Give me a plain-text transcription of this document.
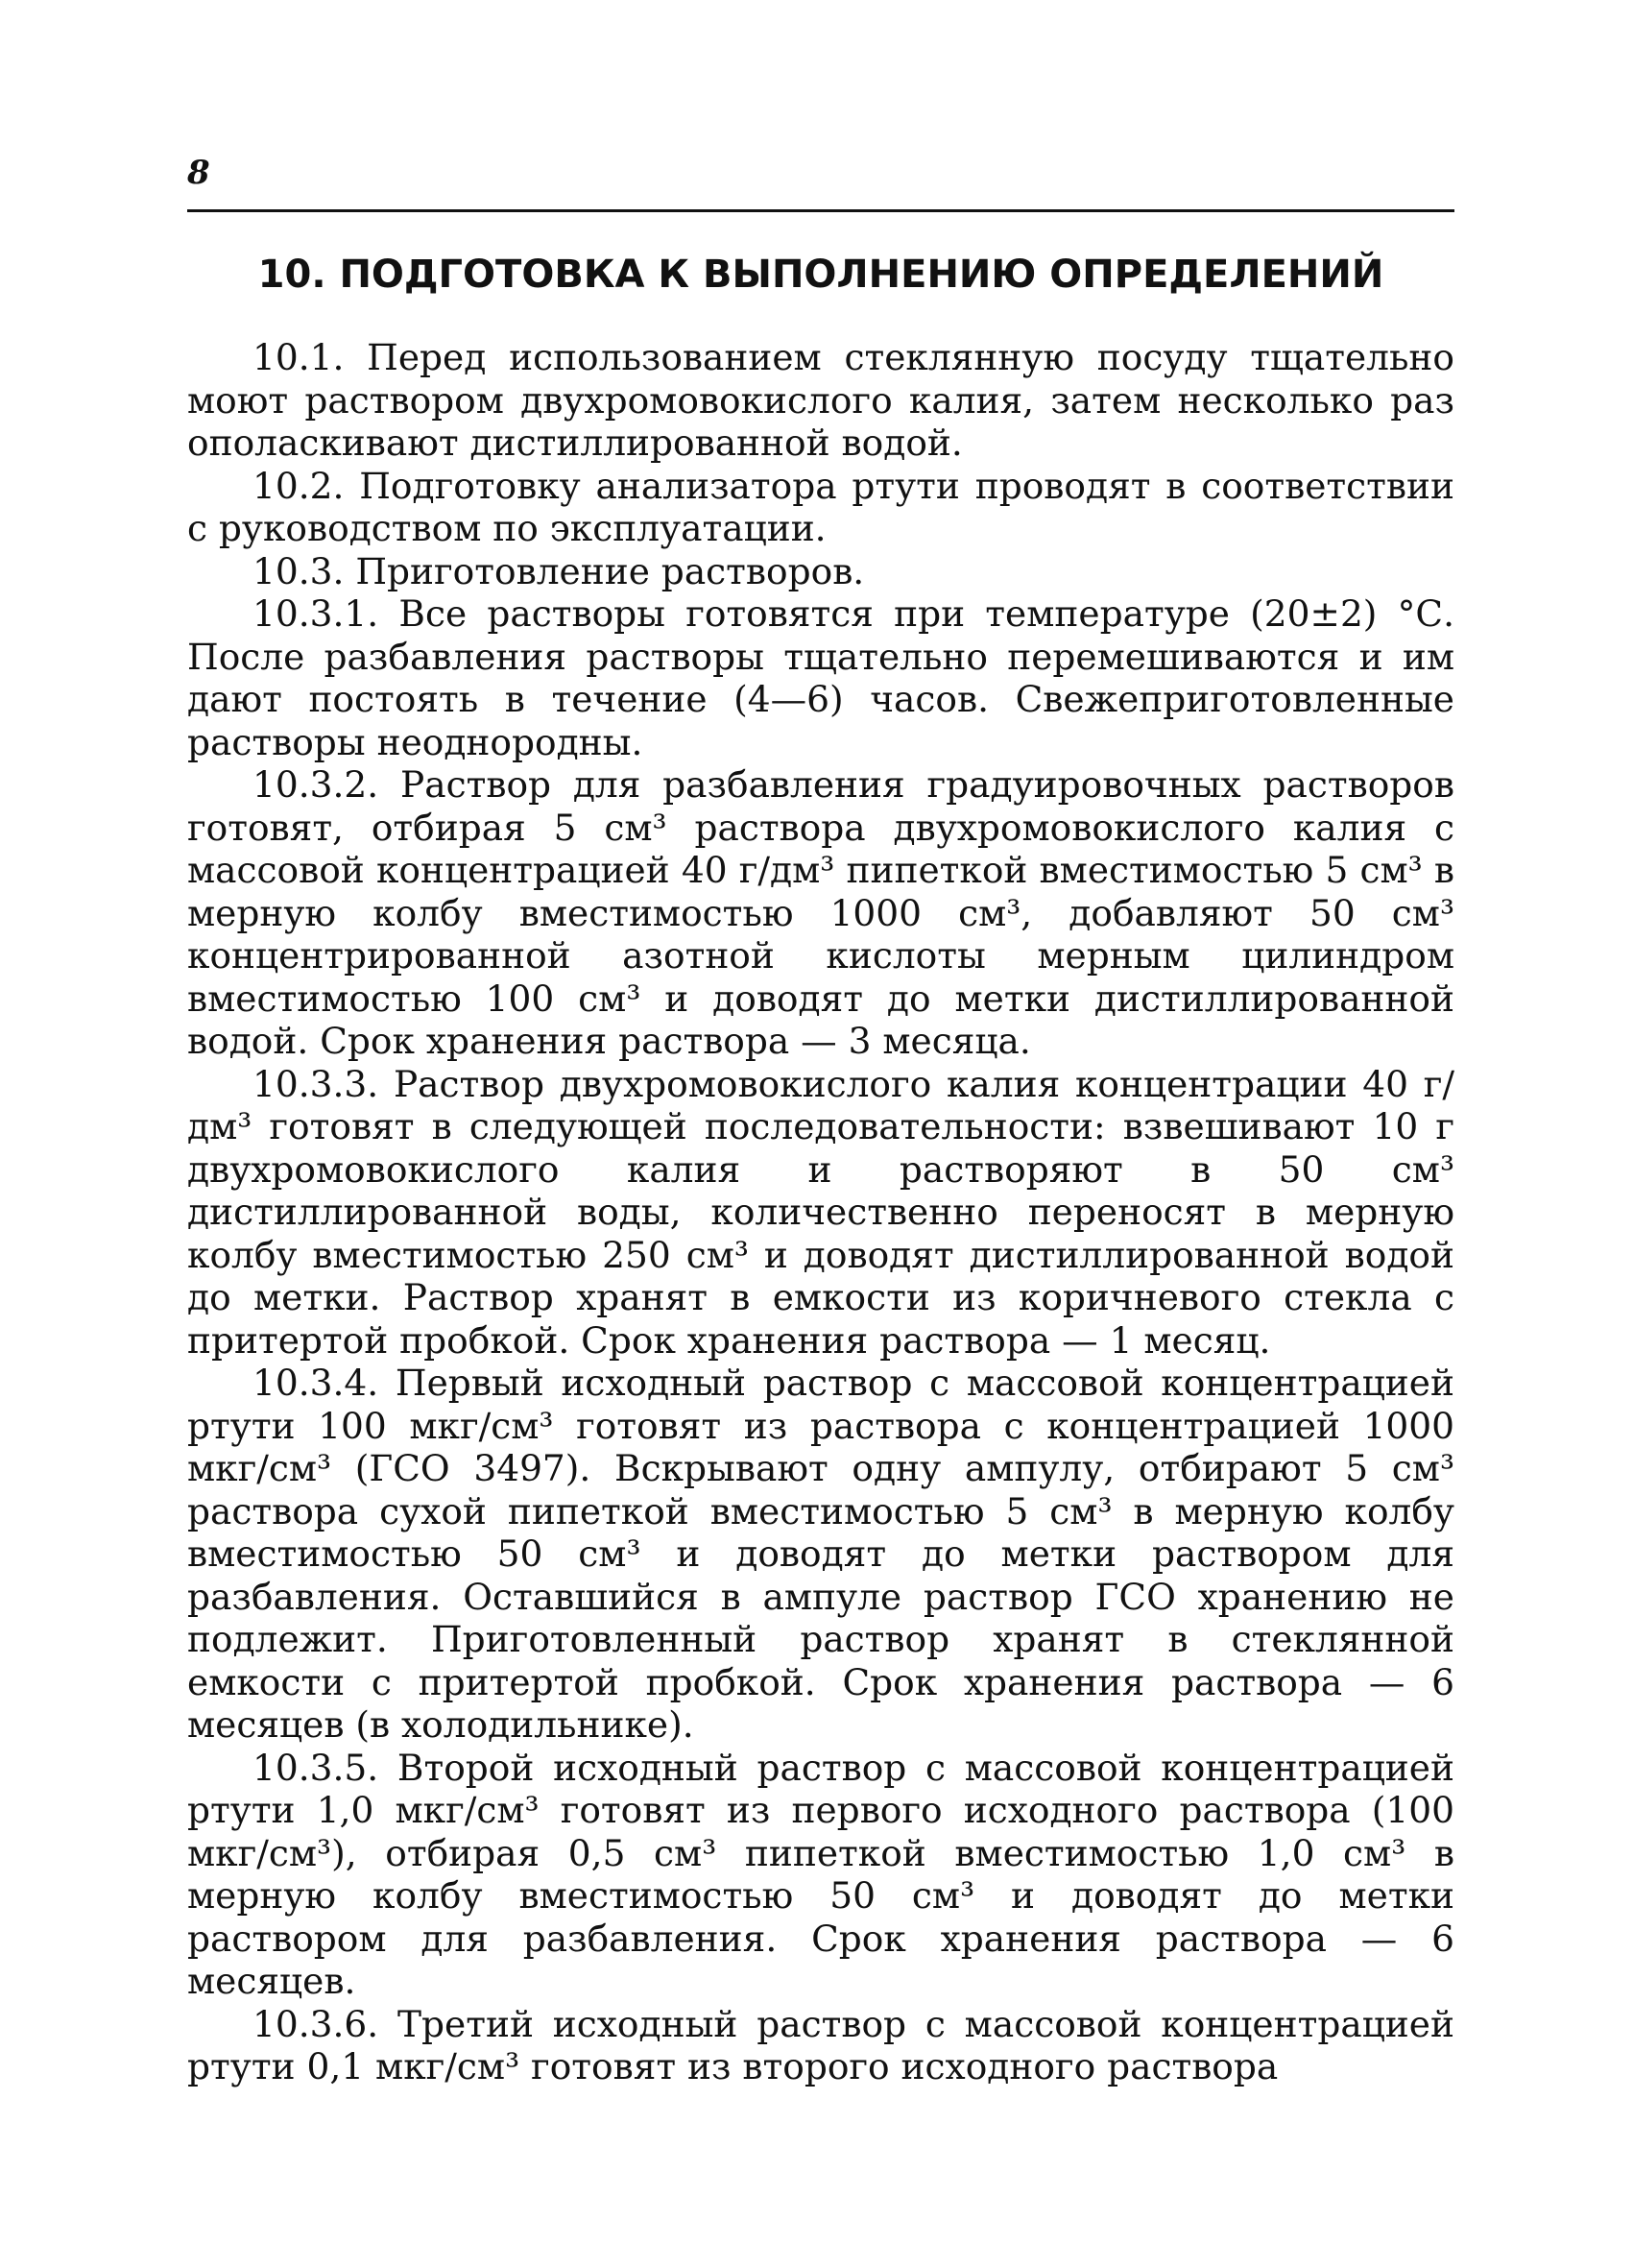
8
10. ПОДГОТОВКА К ВЫПОЛНЕНИЮ ОПРЕДЕЛЕНИЙ

10.1. Перед использованием стеклянную посуду тщательно моют раствором двухромовокислого калия, затем несколько раз ополаскивают дистиллированной водой.

10.2. Подготовку анализатора ртути проводят в соответствии с руководством по эксплуатации.

10.3. Приготовление растворов.

10.3.1. Все растворы готовятся при температуре (20±2) °С. После разбавления растворы тщательно перемешиваются и им дают постоять в течение (4—6) часов. Свежеприготовленные растворы неоднородны.

10.3.2. Раствор для разбавления градуировочных растворов готовят, отбирая 5 см³ раствора двухромовокислого калия с массовой концентрацией 40 г/дм³ пипеткой вместимостью 5 см³ в мерную колбу вместимостью 1000 см³, добавляют 50 см³ концентрированной азотной кислоты мерным цилиндром вместимостью 100 см³ и доводят до метки дистиллированной водой. Срок хранения раствора — 3 месяца.

10.3.3. Раствор двухромовокислого калия концентрации 40 г/дм³ готовят в следующей последовательности: взвешивают 10 г двухромовокислого калия и растворяют в 50 см³ дистиллированной воды, количественно переносят в мерную колбу вместимостью 250 см³ и доводят дистиллированной водой до метки. Раствор хранят в емкости из коричневого стекла с притертой пробкой. Срок хранения раствора — 1 месяц.

10.3.4. Первый исходный раствор с массовой концентрацией ртути 100 мкг/см³ готовят из раствора с концентрацией 1000 мкг/см³ (ГСО 3497). Вскрывают одну ампулу, отбирают 5 см³ раствора сухой пипеткой вместимостью 5 см³ в мерную колбу вместимостью 50 см³ и доводят до метки раствором для разбавления. Оставшийся в ампуле раствор ГСО хранению не подлежит. Приготовленный раствор хранят в стеклянной емкости с притертой пробкой. Срок хранения раствора — 6 месяцев (в холодильнике).

10.3.5. Второй исходный раствор с массовой концентрацией ртути 1,0 мкг/см³ готовят из первого исходного раствора (100 мкг/см³), отбирая 0,5 см³ пипеткой вместимостью 1,0 см³ в мерную колбу вместимостью 50 см³ и доводят до метки раствором для разбавления. Срок хранения раствора — 6 месяцев.

10.3.6. Третий исходный раствор с массовой концентрацией ртути 0,1 мкг/см³ готовят из второго исходного раствора
